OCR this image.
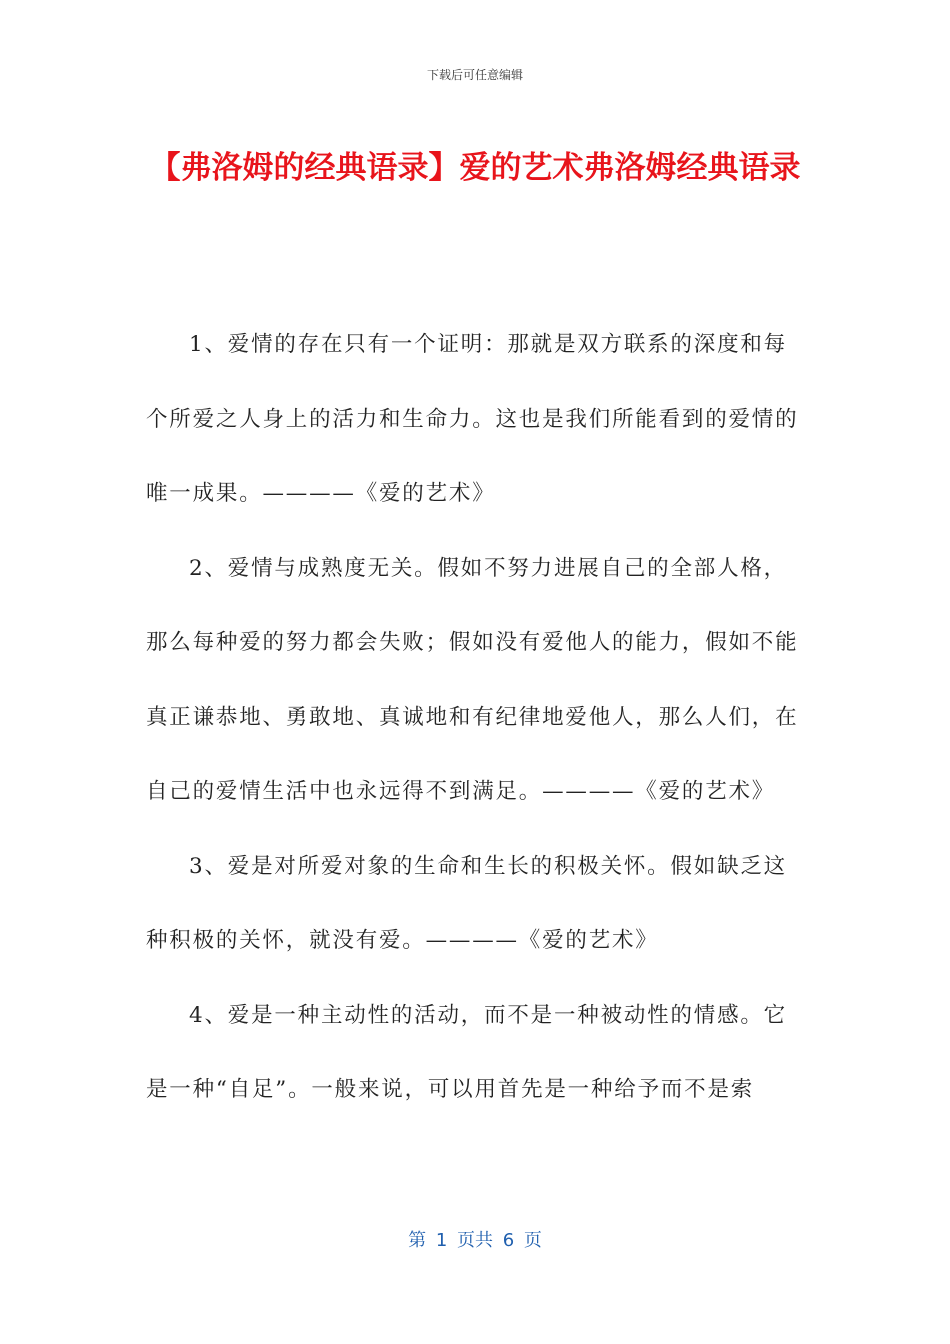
下载后可任意编辑
【弗洛姆的经典语录】爱的艺术弗洛姆经典语录

1、爱情的存在只有一个证明：那就是双方联系的深度和每个所爱之人身上的活力和生命力。这也是我们所能看到的爱情的唯一成果。————《爱的艺术》

2、爱情与成熟度无关。假如不努力进展自己的全部人格，那么每种爱的努力都会失败；假如没有爱他人的能力，假如不能真正谦恭地、勇敢地、真诚地和有纪律地爱他人，那么人们，在自己的爱情生活中也永远得不到满足。————《爱的艺术》

3、爱是对所爱对象的生命和生长的积极关怀。假如缺乏这种积极的关怀，就没有爱。————《爱的艺术》

4、爱是一种主动性的活动，而不是一种被动性的情感。它是一种“自足”。一般来说，可以用首先是一种给予而不是索

第 1 页共 6 页
